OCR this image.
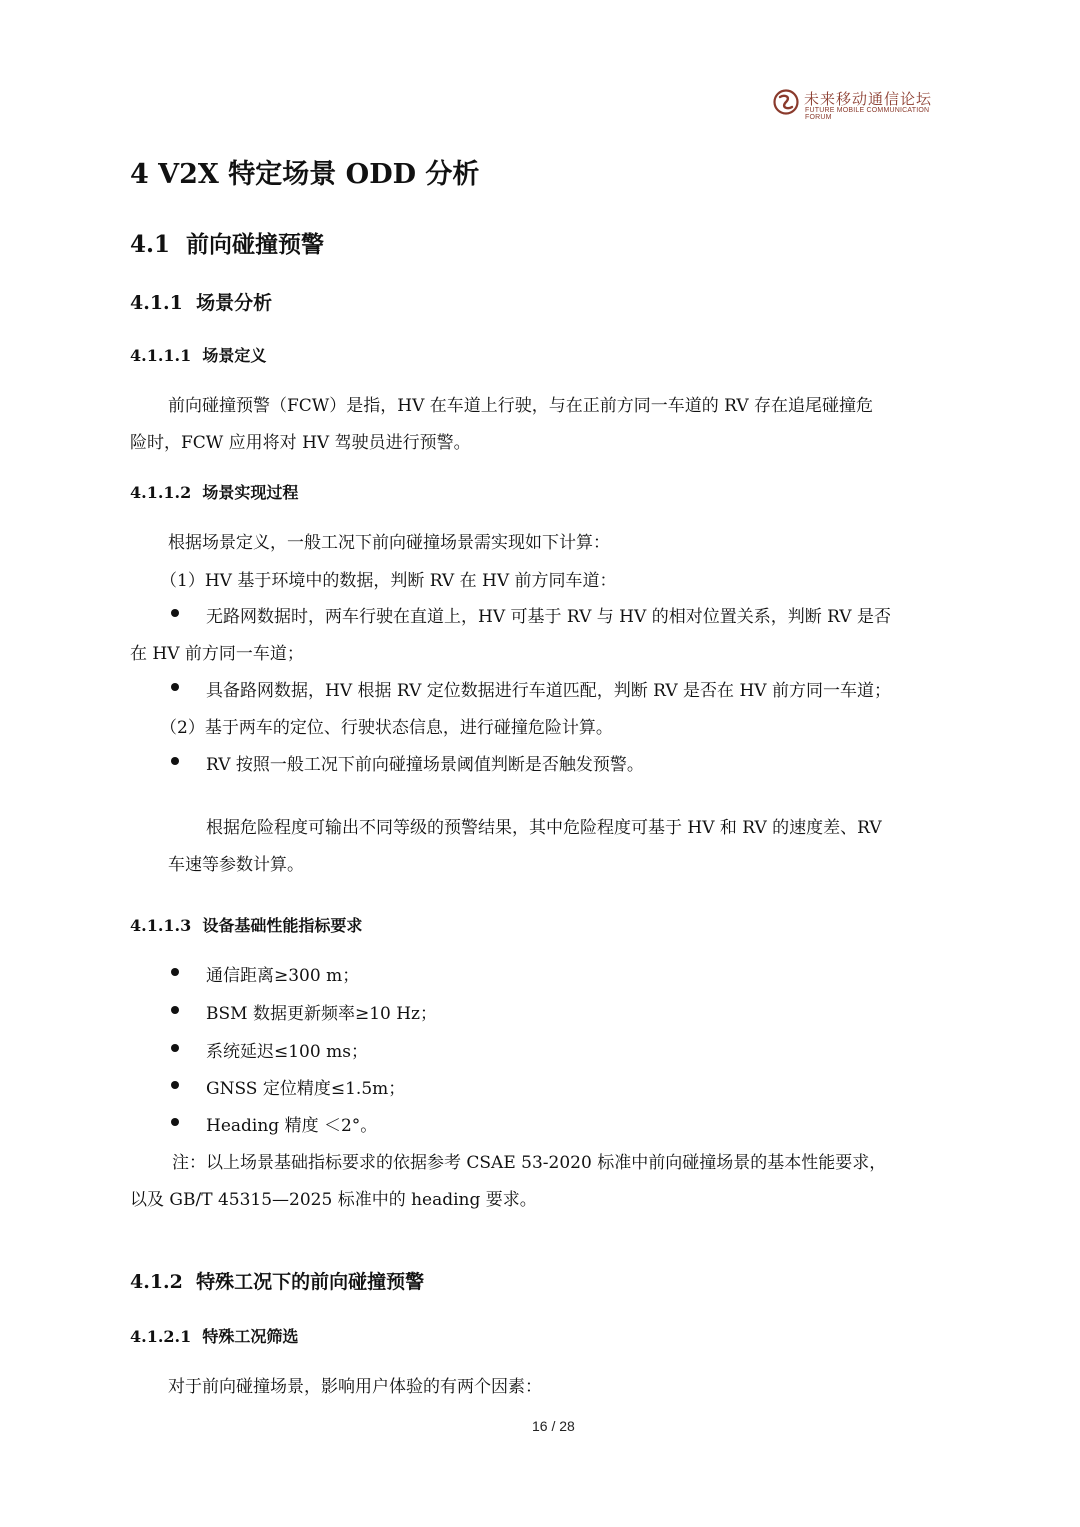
未来移动通信论坛
FUTURE MOBILE COMMUNICATION FORUM
4 V2X 特定场景 ODD 分析
4.1 前向碰撞预警
4.1.1 场景分析
4.1.1.1 场景定义
前向碰撞预警（FCW）是指，HV 在车道上行驶，与在正前方同一车道的 RV 存在追尾碰撞危
险时，FCW 应用将对 HV 驾驶员进行预警。
4.1.1.2 场景实现过程
根据场景定义，一般工况下前向碰撞场景需实现如下计算：
（1）HV 基于环境中的数据，判断 RV 在 HV 前方同车道：
无路网数据时，两车行驶在直道上，HV 可基于 RV 与 HV 的相对位置关系，判断 RV 是否
在 HV 前方同一车道；
具备路网数据，HV 根据 RV 定位数据进行车道匹配，判断 RV 是否在 HV 前方同一车道；
（2）基于两车的定位、行驶状态信息，进行碰撞危险计算。
RV 按照一般工况下前向碰撞场景阈值判断是否触发预警。
根据危险程度可输出不同等级的预警结果，其中危险程度可基于 HV 和 RV 的速度差、RV
车速等参数计算。
4.1.1.3 设备基础性能指标要求
通信距离≥300 m；
BSM 数据更新频率≥10 Hz；
系统延迟≤100 ms；
GNSS 定位精度≤1.5m；
Heading 精度 ＜2°。
注：以上场景基础指标要求的依据参考 CSAE 53-2020 标准中前向碰撞场景的基本性能要求，
以及 GB/T 45315—2025 标准中的 heading 要求。
4.1.2 特殊工况下的前向碰撞预警
4.1.2.1 特殊工况筛选
对于前向碰撞场景，影响用户体验的有两个因素：
16 / 28
